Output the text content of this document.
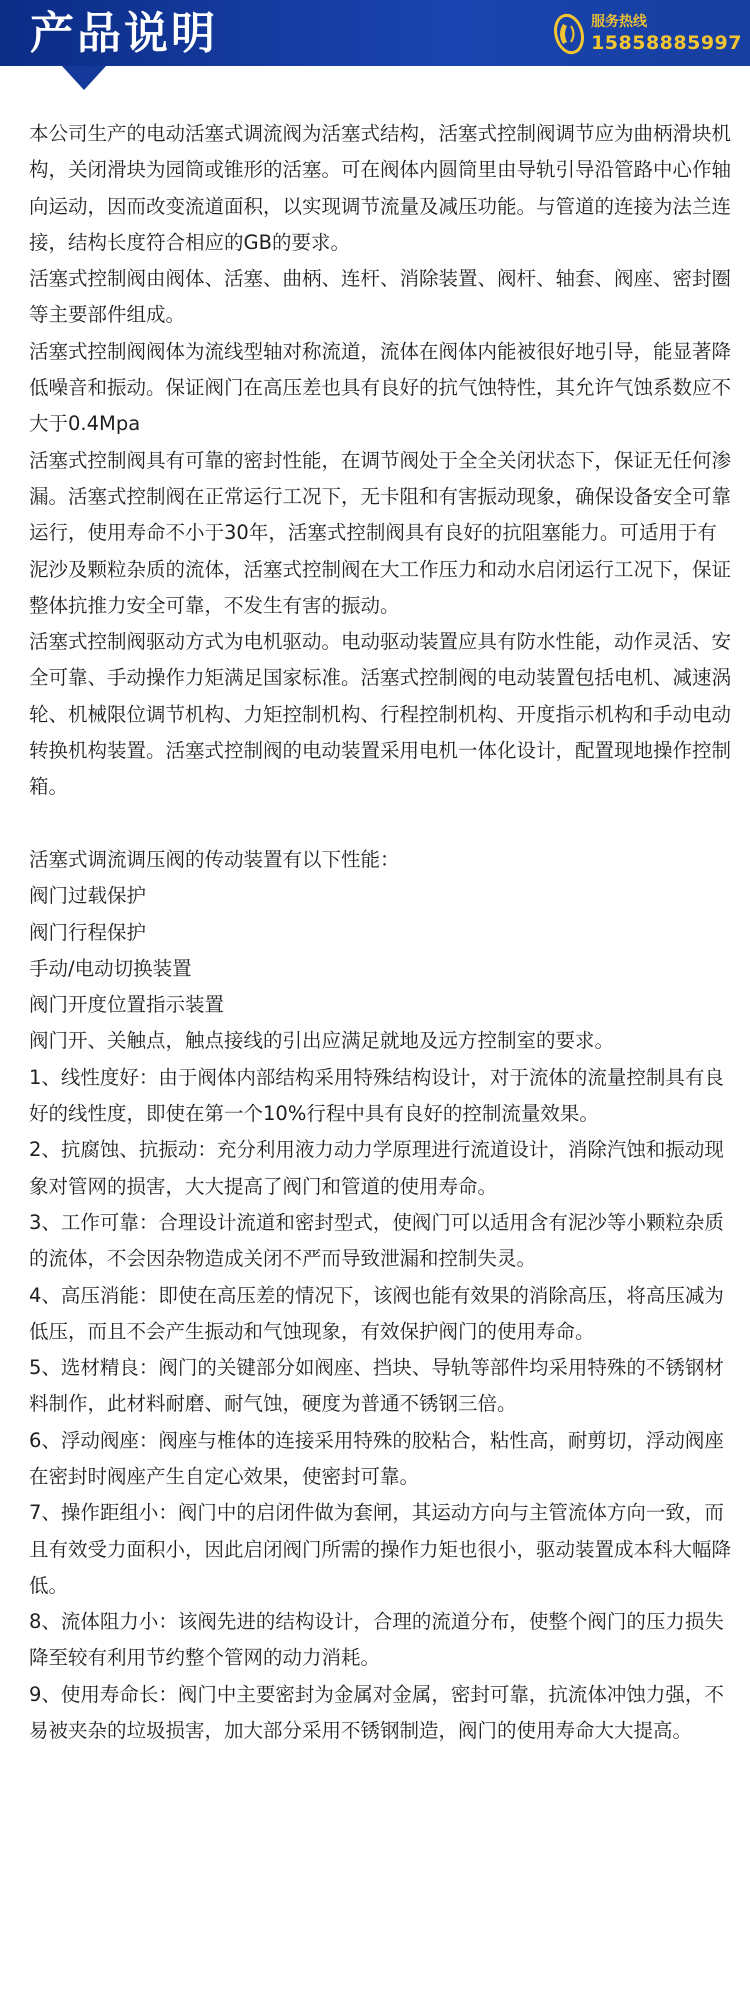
产品说明	服务热线
15858885997

本公司生产的电动活塞式调流阀为活塞式结构，活塞式控制阀调节应为曲柄滑块机构，关闭滑块为园筒或锥形的活塞。可在阀体内圆筒里由导轨引导沿管路中心作轴向运动，因而改变流道面积，以实现调节流量及减压功能。与管道的连接为法兰连接，结构长度符合相应的GB的要求。

活塞式控制阀由阀体、活塞、曲柄、连杆、消除装置、阀杆、轴套、阀座、密封圈等主要部件组成。

活塞式控制阀阀体为流线型轴对称流道，流体在阀体内能被很好地引导，能显著降低噪音和振动。保证阀门在高压差也具有良好的抗气蚀特性，其允许气蚀系数应不大于0.4Mpa

活塞式控制阀具有可靠的密封性能，在调节阀处于全全关闭状态下，保证无任何渗漏。活塞式控制阀在正常运行工况下，无卡阻和有害振动现象，确保设备安全可靠运行，使用寿命不小于30年，活塞式控制阀具有良好的抗阻塞能力。可适用于有泥沙及颗粒杂质的流体，活塞式控制阀在大工作压力和动水启闭运行工况下，保证整体抗推力安全可靠，不发生有害的振动。

活塞式控制阀驱动方式为电机驱动。电动驱动装置应具有防水性能，动作灵活、安全可靠、手动操作力矩满足国家标准。活塞式控制阀的电动装置包括电机、减速涡轮、机械限位调节机构、力矩控制机构、行程控制机构、开度指示机构和手动电动转换机构装置。活塞式控制阀的电动装置采用电机一体化设计，配置现地操作控制箱。

活塞式调流调压阀的传动装置有以下性能：

阀门过载保护

阀门行程保护

手动/电动切换装置

阀门开度位置指示装置

阀门开、关触点，触点接线的引出应满足就地及远方控制室的要求。

1、线性度好：由于阀体内部结构采用特殊结构设计，对于流体的流量控制具有良好的线性度，即使在第一个10%行程中具有良好的控制流量效果。

2、抗腐蚀、抗振动：充分利用液力动力学原理进行流道设计，消除汽蚀和振动现象对管网的损害，大大提高了阀门和管道的使用寿命。

3、工作可靠：合理设计流道和密封型式，使阀门可以适用含有泥沙等小颗粒杂质的流体，不会因杂物造成关闭不严而导致泄漏和控制失灵。

4、高压消能：即使在高压差的情况下，该阀也能有效果的消除高压，将高压减为低压，而且不会产生振动和气蚀现象，有效保护阀门的使用寿命。

5、选材精良：阀门的关键部分如阀座、挡块、导轨等部件均采用特殊的不锈钢材料制作，此材料耐磨、耐气蚀，硬度为普通不锈钢三倍。

6、浮动阀座：阀座与椎体的连接采用特殊的胶粘合，粘性高，耐剪切，浮动阀座在密封时阀座产生自定心效果，使密封可靠。

7、操作距组小：阀门中的启闭件做为套闸，其运动方向与主管流体方向一致，而且有效受力面积小，因此启闭阀门所需的操作力矩也很小，驱动装置成本科大幅降低。

8、流体阻力小：该阀先进的结构设计，合理的流道分布，使整个阀门的压力损失降至较有利用节约整个管网的动力消耗。

9、使用寿命长：阀门中主要密封为金属对金属，密封可靠，抗流体冲蚀力强，不易被夹杂的垃圾损害，加大部分采用不锈钢制造，阀门的使用寿命大大提高。
